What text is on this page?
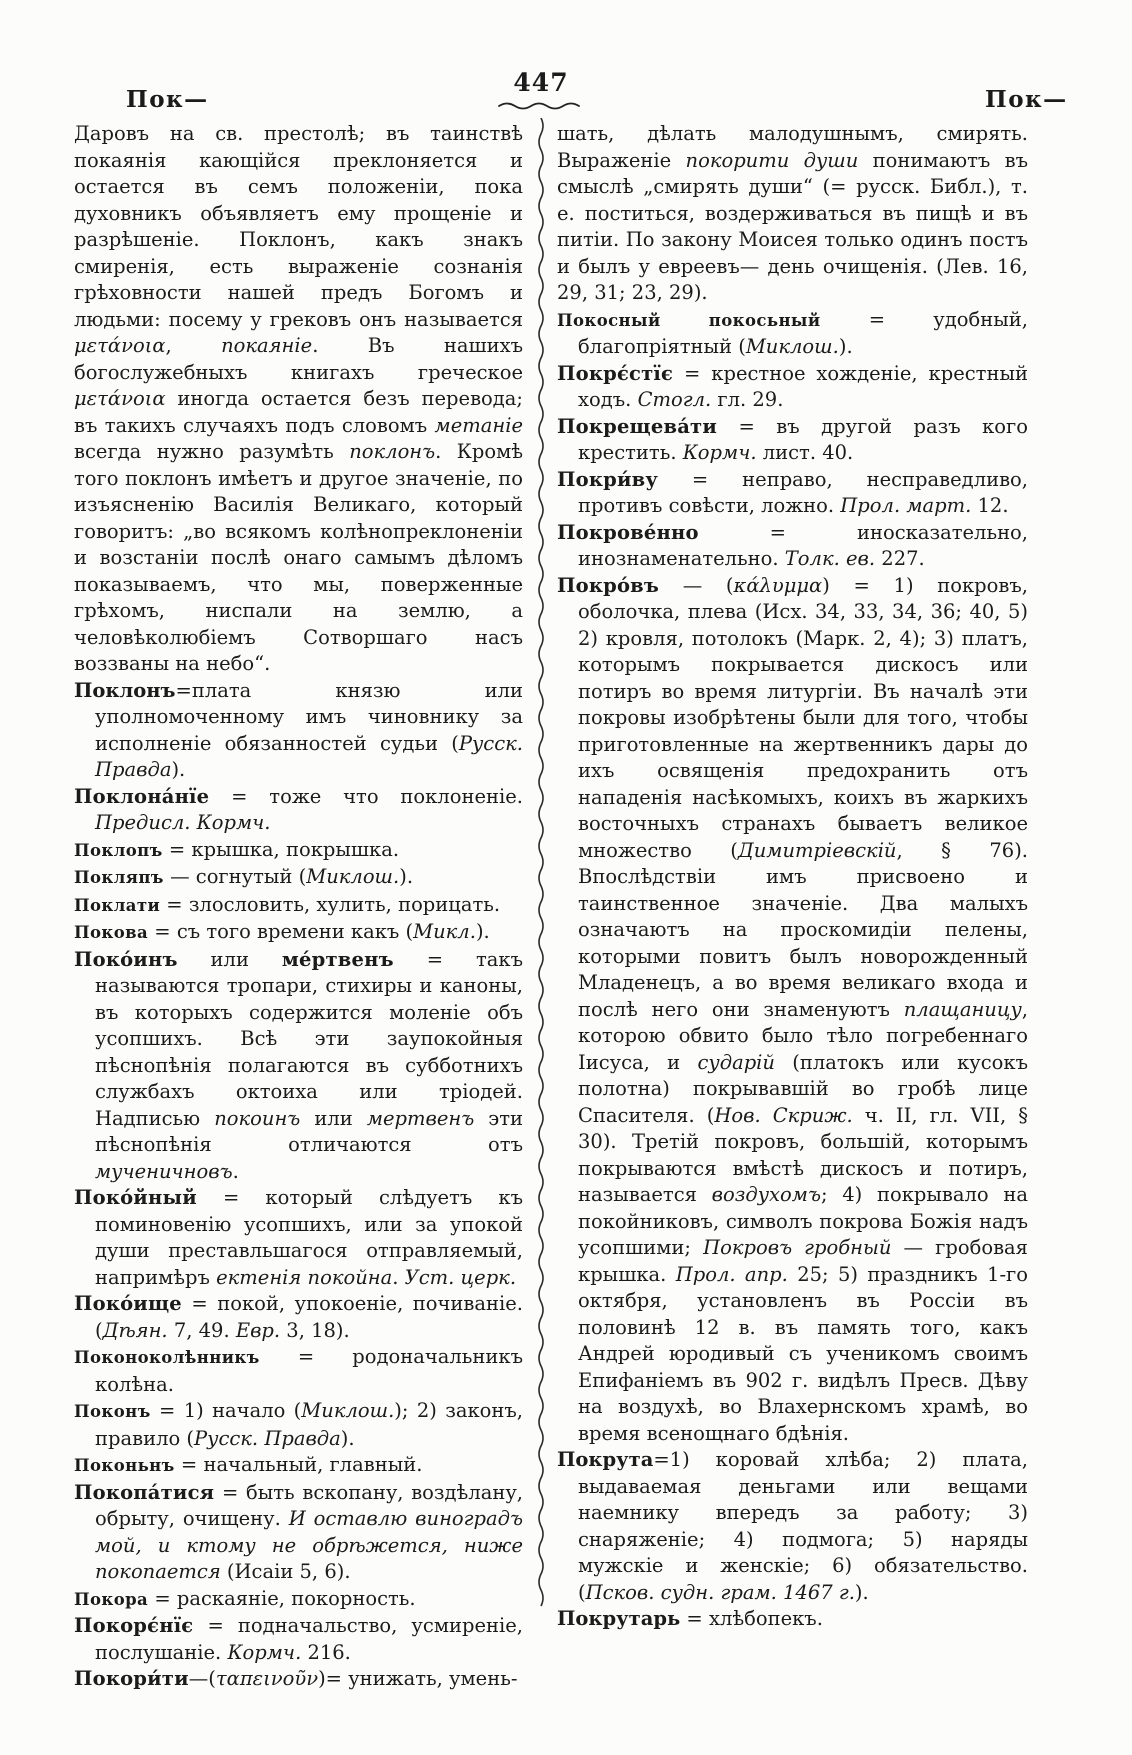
Пок—
447
Пок—

Даровъ на св. престолѣ; въ таинствѣ покаянія кающійся преклоняется и остается въ семъ положеніи, пока духовникъ объявляетъ ему прощеніе и разрѣшеніе. Поклонъ, какъ знакъ смиренія, есть выраженіе сознанія грѣховности нашей предъ Богомъ и людьми: посему у грековъ онъ называется μετάνοια, покаяніе. Въ нашихъ богослужебныхъ книгахъ греческое μετάνοια иногда остается безъ перевода; въ такихъ случаяхъ подъ словомъ метаніе всегда нужно разумѣть поклонъ. Кромѣ того поклонъ имѣетъ и другое значеніе, по изъясненію Василія Великаго, который говоритъ: „во всякомъ колѣнопреклоненіи и возстаніи послѣ онаго самымъ дѣломъ показываемъ, что мы, поверженные грѣхомъ, ниспали на землю, а человѣколюбіемъ Сотворшаго насъ воззваны на небо“.

Поклонъ=плата князю или уполномоченному имъ чиновнику за исполненіе обязанностей судьи (Русск. Правда).

Поклона́нїе = тоже что поклоненіе. Предисл. Кормч.

Поклопъ = крышка, покрышка.

Покляпъ — согнутый (Миклош.).

Поклати = злословить, хулить, порицать.

Покова = съ того времени какъ (Микл.).

Поко́инъ или ме́ртвенъ = такъ называются тропари, стихиры и каноны, въ которыхъ содержится моленіе объ усопшихъ. Всѣ эти заупокойныя пѣснопѣнія полагаются въ субботнихъ службахъ октоиха или тріодей. Надписью покоинъ или мертвенъ эти пѣснопѣнія отличаются отъ мученичновъ.

Поко́йный = который слѣдуетъ къ поминовенію усопшихъ, или за упокой души преставльшагося отправляемый, напримѣръ ектенія покойна. Уст. церк.

Поко́ище = покой, упокоеніе, почиваніе. (Дѣян. 7, 49. Евр. 3, 18).

Поконоколѣнникъ = родоначальникъ колѣна.

Поконъ = 1) начало (Миклош.); 2) законъ, правило (Русск. Правда).

Поконьнъ = начальный, главный.

Покопа́тися = быть вскопану, воздѣлану, обрыту, очищену. И оставлю виноградъ мой, и ктому не обрѣжется, ниже покопается (Исаіи 5, 6).

Покора = раскаяніе, покорность.

Покорє́нїє = подначальство, усмиреніе, послушаніе. Кормч. 216.

Покори́ти—(ταπεινοῦν)= унижать, умень-

шать, дѣлать малодушнымъ, смирять. Выраженіе покорити души понимаютъ въ смыслѣ „смирять души“ (= русск. Библ.), т. е. поститься, воздерживаться въ пищѣ и въ питіи. По закону Моисея только одинъ постъ и былъ у евреевъ— день очищенія. (Лев. 16, 29, 31; 23, 29).

Покосный покосьный = удобный, благопріятный (Миклош.).

Покрє́стїє = крестное хожденіе, крестный ходъ. Стогл. гл. 29.

Покрещева́ти = въ другой разъ кого крестить. Кормч. лист. 40.

Покри́ву = неправо, несправедливо, противъ совѣсти, ложно. Прол. март. 12.

Покрове́нно = иносказательно, инознаменательно. Толк. ев. 227.

Покро́въ — (κάλυμμα) = 1) покровъ, оболочка, плева (Исх. 34, 33, 34, 36; 40, 5) 2) кровля, потолокъ (Марк. 2, 4); 3) платъ, которымъ покрывается дискосъ или потиръ во время литургіи. Въ началѣ эти покровы изобрѣтены были для того, чтобы приготовленные на жертвенникъ дары до ихъ освященія предохранить отъ нападенія насѣкомыхъ, коихъ въ жаркихъ восточныхъ странахъ бываетъ великое множество (Димитріевскій, § 76). Впослѣдствіи имъ присвоено и таинственное значеніе. Два малыхъ означаютъ на проскомидіи пелены, которыми повитъ былъ новорожденный Младенецъ, а во время великаго входа и послѣ него они знаменуютъ плащаницу, которою обвито было тѣло погребеннаго Іисуса, и сударій (платокъ или кусокъ полотна) покрывавшій во гробѣ лице Спасителя. (Нов. Скриж. ч. II, гл. VII, § 30). Третій покровъ, большій, которымъ покрываются вмѣстѣ дискосъ и потиръ, называется воздухомъ; 4) покрывало на покойниковъ, символъ покрова Божія надъ усопшими; Покровъ гробный — гробовая крышка. Прол. апр. 25; 5) праздникъ 1-го октября, установленъ въ Россіи въ половинѣ 12 в. въ память того, какъ Андрей юродивый съ ученикомъ своимъ Епифаніемъ въ 902 г. видѣлъ Пресв. Дѣву на воздухѣ, во Влахернскомъ храмѣ, во время всенощнаго бдѣнія.

Покрута=1) коровай хлѣба; 2) плата, выдаваемая деньгами или вещами наемнику впередъ за работу; 3) снаряженіе; 4) подмога; 5) наряды мужскіе и женскіе; 6) обязательство. (Псков. судн. грам. 1467 г.).

Покрутарь = хлѣбопекъ.
